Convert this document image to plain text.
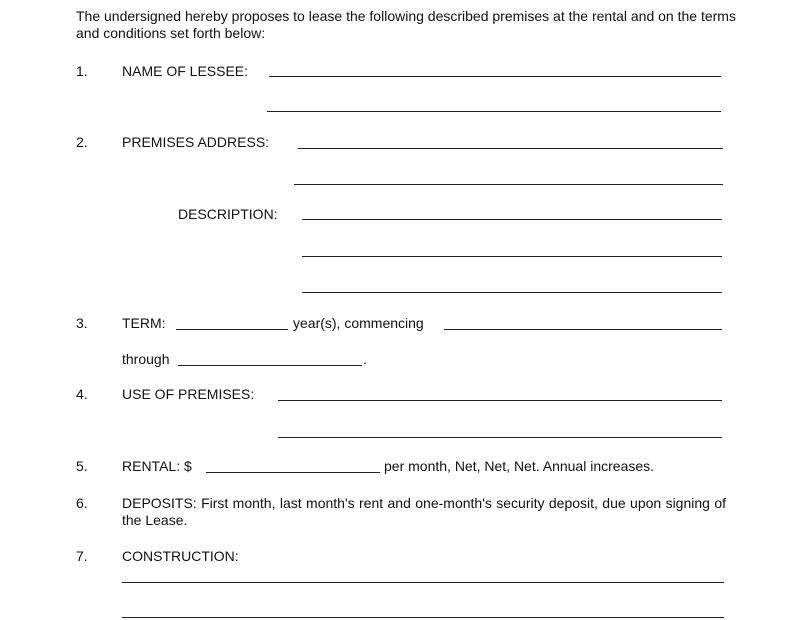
The undersigned hereby proposes to lease the following described premises at the rental and on the terms and conditions set forth below:
1. NAME OF LESSEE:
2. PREMISES ADDRESS:
DESCRIPTION:
3. TERM:	year(s), commencing
through	.
4. USE OF PREMISES:
5. RENTAL: $	per month, Net, Net, Net. Annual increases.
6. DEPOSITS: First month, last month's rent and one-month's security deposit, due upon signing of the Lease.
7. CONSTRUCTION:
